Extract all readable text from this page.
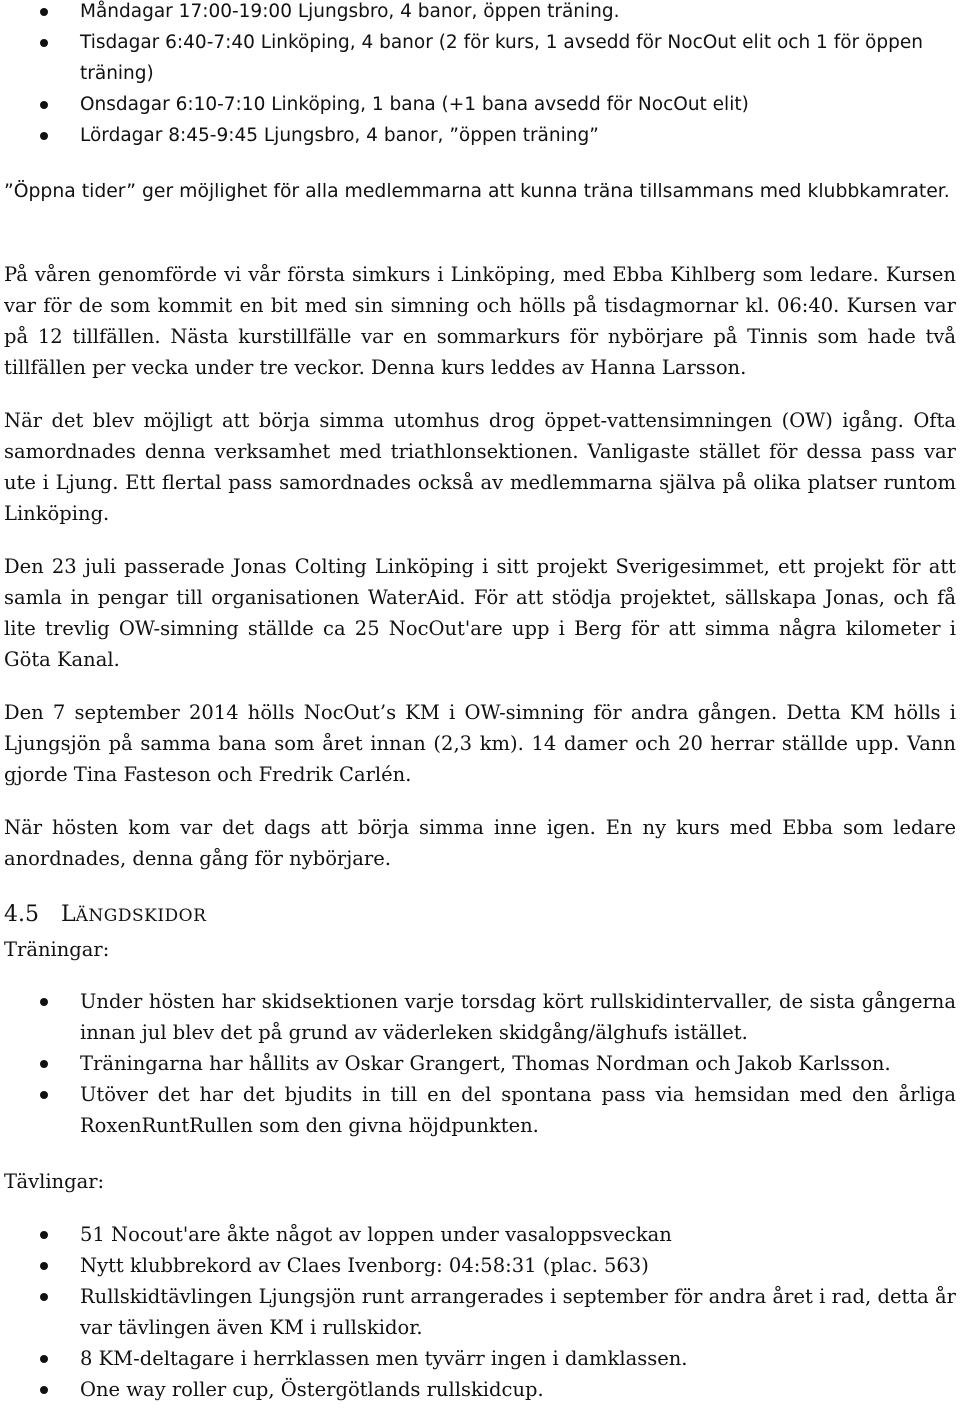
Måndagar 17:00-19:00 Ljungsbro, 4 banor, öppen träning.
Tisdagar 6:40-7:40 Linköping, 4 banor (2 för kurs, 1 avsedd för NocOut elit och 1 för öppen träning)
Onsdagar 6:10-7:10 Linköping, 1 bana (+1 bana avsedd för NocOut elit)
Lördagar 8:45-9:45 Ljungsbro, 4 banor, ”öppen träning”

”Öppna tider” ger möjlighet för alla medlemmarna att kunna träna tillsammans med klubbkamrater.

På våren genomförde vi vår första simkurs i Linköping, med Ebba Kihlberg som ledare. Kursen var för de som kommit en bit med sin simning och hölls på tisdagmornar kl. 06:40. Kursen var på 12 tillfällen. Nästa kurstillfälle var en sommarkurs för nybörjare på Tinnis som hade två tillfällen per vecka under tre veckor. Denna kurs leddes av Hanna Larsson.

När det blev möjligt att börja simma utomhus drog öppet-vattensimningen (OW) igång. Ofta samordnades denna verksamhet med triathlonsektionen. Vanligaste stället för dessa pass var ute i Ljung. Ett flertal pass samordnades också av medlemmarna själva på olika platser runtom Linköping.

Den 23 juli passerade Jonas Colting Linköping i sitt projekt Sverigesimmet, ett projekt för att samla in pengar till organisationen WaterAid. För att stödja projektet, sällskapa Jonas, och få lite trevlig OW-simning ställde ca 25 NocOut'are upp i Berg för att simma några kilometer i Göta Kanal.

Den 7 september 2014 hölls NocOut’s KM i OW-simning för andra gången. Detta KM hölls i Ljungsjön på samma bana som året innan (2,3 km). 14 damer och 20 herrar ställde upp. Vann gjorde Tina Fasteson och Fredrik Carlén.

När hösten kom var det dags att börja simma inne igen. En ny kurs med Ebba som ledare anordnades, denna gång för nybörjare.

4.5 LÄNGDSKIDOR
Träningar:
Under hösten har skidsektionen varje torsdag kört rullskidintervaller, de sista gångerna innan jul blev det på grund av väderleken skidgång/älghufs istället.
Träningarna har hållits av Oskar Grangert, Thomas Nordman och Jakob Karlsson.
Utöver det har det bjudits in till en del spontana pass via hemsidan med den årliga RoxenRuntRullen som den givna höjdpunkten.
Tävlingar:
51 Nocout'are åkte något av loppen under vasaloppsveckan
Nytt klubbrekord av Claes Ivenborg: 04:58:31 (plac. 563)
Rullskidtävlingen Ljungsjön runt arrangerades i september för andra året i rad, detta år var tävlingen även KM i rullskidor.
8 KM-deltagare i herrklassen men tyvärr ingen i damklassen.
One way roller cup, Östergötlands rullskidcup.
